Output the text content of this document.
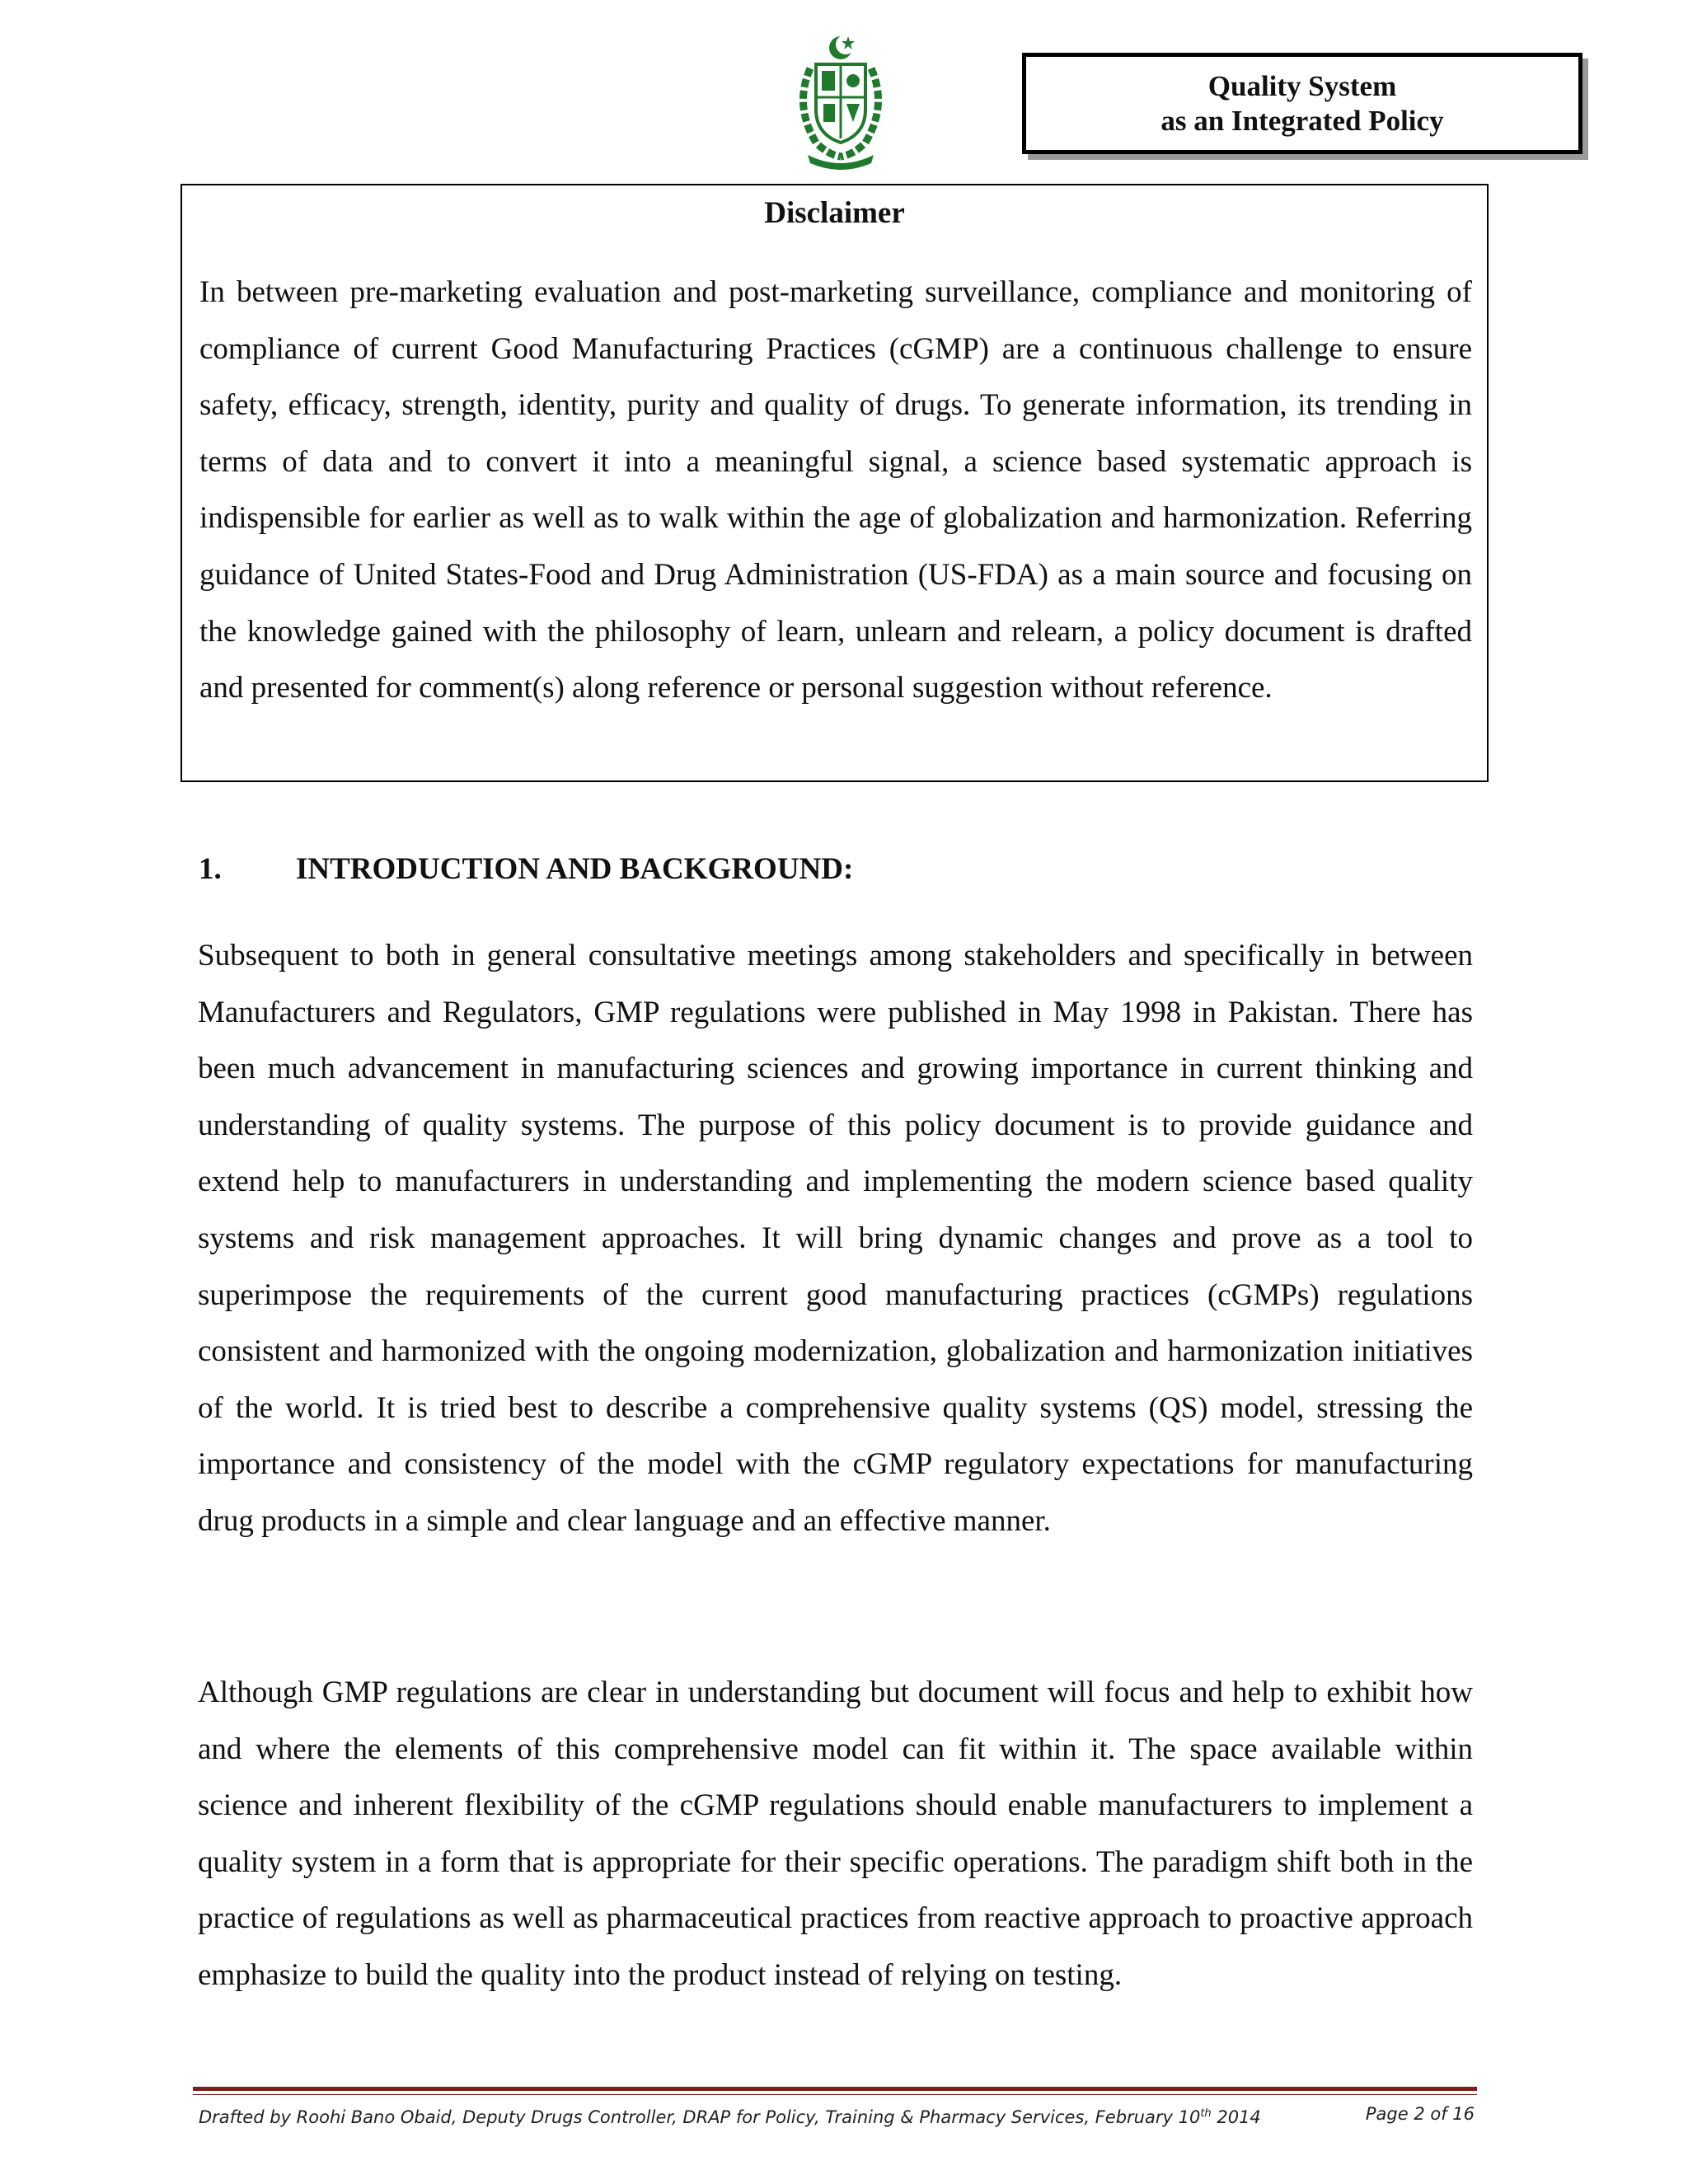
Quality System
as an Integrated Policy
Disclaimer

In between pre-marketing evaluation and post-marketing surveillance, compliance and monitoring of compliance of current Good Manufacturing Practices (cGMP) are a continuous challenge to ensure safety, efficacy, strength, identity, purity and quality of drugs. To generate information, its trending in terms of data and to convert it into a meaningful signal, a science based systematic approach is indispensible for earlier as well as to walk within the age of globalization and harmonization. Referring guidance of United States-Food and Drug Administration (US-FDA) as a main source and focusing on the knowledge gained with the philosophy of learn, unlearn and relearn, a policy document is drafted and presented for comment(s) along reference or personal suggestion without reference.

1.	INTRODUCTION AND BACKGROUND:

Subsequent to both in general consultative meetings among stakeholders and specifically in between Manufacturers and Regulators, GMP regulations were published in May 1998 in Pakistan. There has been much advancement in manufacturing sciences and growing importance in current thinking and understanding of quality systems. The purpose of this policy document is to provide guidance and extend help to manufacturers in understanding and implementing the modern science based quality systems and risk management approaches. It will bring dynamic changes and prove as a tool to superimpose the requirements of the current good manufacturing practices (cGMPs) regulations consistent and harmonized with the ongoing modernization, globalization and harmonization initiatives of the world. It is tried best to describe a comprehensive quality systems (QS) model, stressing the importance and consistency of the model with the cGMP regulatory expectations for manufacturing drug products in a simple and clear language and an effective manner.

Although GMP regulations are clear in understanding but document will focus and help to exhibit how and where the elements of this comprehensive model can fit within it. The space available within science and inherent flexibility of the cGMP regulations should enable manufacturers to implement a quality system in a form that is appropriate for their specific operations. The paradigm shift both in the practice of regulations as well as pharmaceutical practices from reactive approach to proactive approach emphasize to build the quality into the product instead of relying on testing.

Drafted by Roohi Bano Obaid, Deputy Drugs Controller, DRAP for Policy, Training & Pharmacy Services, February 10th 2014	Page 2 of 16
